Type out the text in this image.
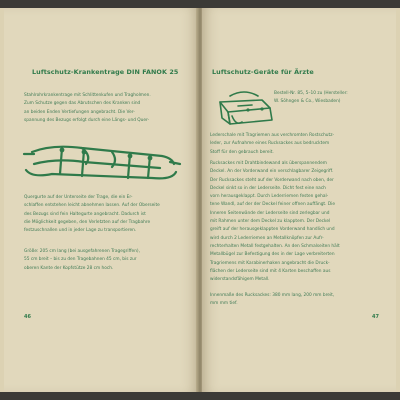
Luftschutz-Krankentrage DIN FANOK 25
Stahlrohrkrankentrage mit Schlittenkufen und Tragholmen.
Zum Schutze gegen das Abrutschen des Kranken sind
an beiden Enden Vertiefungen angebracht. Die Ver-
spannung des Bezugs erfolgt durch eine Längs- und Quer-
Quergurte auf der Unterseite der Trage, die ein Er-
schlaffen entstehen leicht abnehmen lassen. Auf der Oberseite
des Bezugs sind fein Haltegurte angebracht. Dadurch ist
die Möglichkeit gegeben, den Verletzten auf der Tragbahre
festzuschnallen und in jeder Lage zu transportieren.
Größe: 205 cm lang (bei ausgefahrenen Tragegriffen),
55 cm breit – bis zu den Tragebahnen 45 cm, bis zur
oberen Kante der Kopfstütze 28 cm hoch.
46
Luftschutz-Geräte für Ärzte
Bestell-Nr. 85, 5–10 zu (Hersteller:
W. Söhngen & Co., Wiesbaden)
Lederschale mit Tragriemen aus verchromten Rostschutz-
leder, zur Aufnahme eines Rucksackes aus bedrucktem
Stoff für den gebrauch bereit.
Rucksackes mit Drahtbindewand als überspannendem
Deckel. An der Vorderwand ein verschlagbarer Zeigegriff.
Der Rucksackes steht auf der Vorderwand nach oben, der
Deckel sinkt so in der Lederseite. Dicht fest eine nach
vorn herausgeklappt. Durch Lederriemen festen gehal-
tene Wandl, auf der der Deckel feiner offnen auffängt. Die
Inneren Seitenwände der Lederseite sind zerlegbar und
mit Rahmen unter dem Deckel zu klapptem. Der Deckel
greift auf der herausgeklappten Vorderwand handlich und
wird durch 2 Lederriemen an Metallknöpfen zur Aufr-
rechterhalten Metall festgehalten. An den Schmalseiten hält
Metallbügel zur Befestigung des in der Lage verbreiterten
Tragriemens mit Karabinerhaken angebracht die Druck-
flächen der Lederseite sind mit 4 Karten beschaffen aus
widerstandsfähigem Metall.
Innenmaße des Rucksackes: 380 mm lang, 200 mm breit,
mm mm tief.
47
